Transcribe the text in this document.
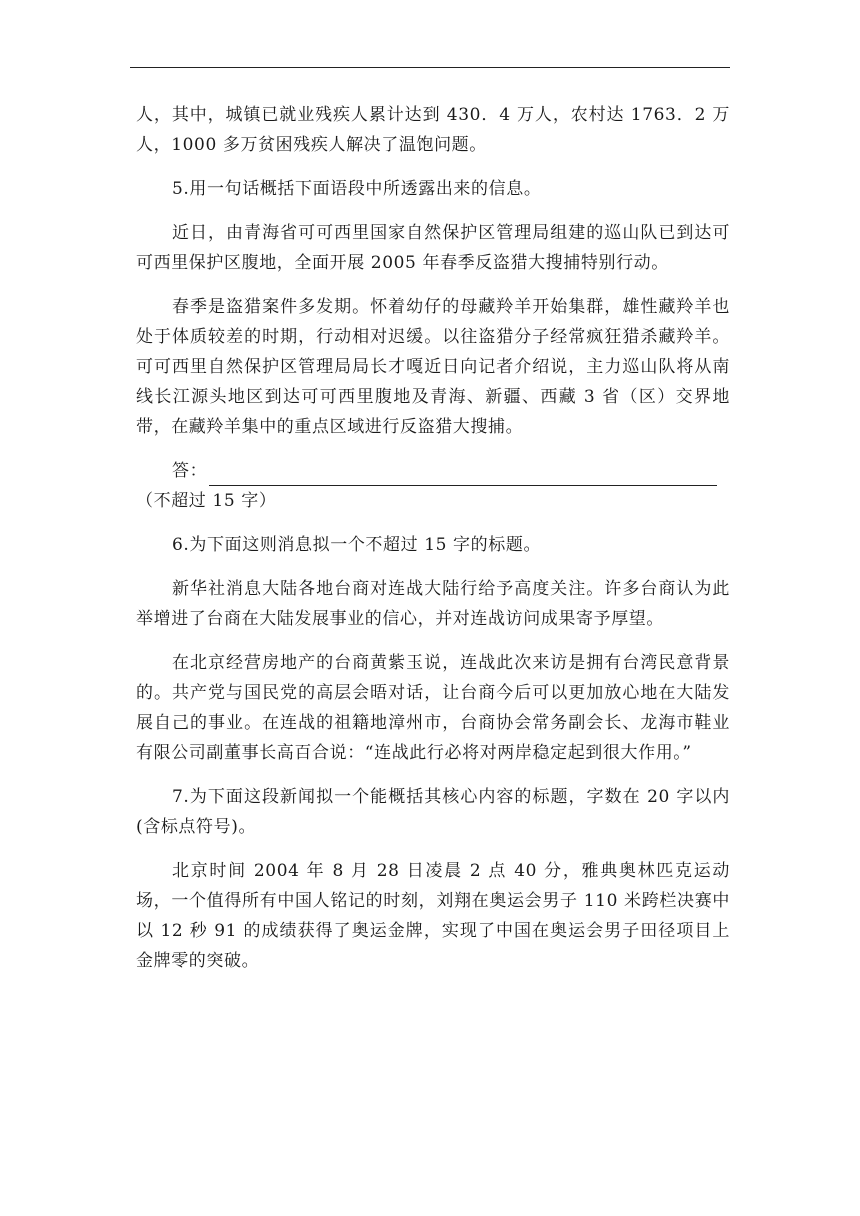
人，其中，城镇已就业残疾人累计达到 430．4 万人，农村达 1763．2 万人，1000 多万贫困残疾人解决了温饱问题。

5.用一句话概括下面语段中所透露出来的信息。

近日，由青海省可可西里国家自然保护区管理局组建的巡山队已到达可可西里保护区腹地，全面开展 2005 年春季反盗猎大搜捕特别行动。

春季是盗猎案件多发期。怀着幼仔的母藏羚羊开始集群，雄性藏羚羊也处于体质较差的时期，行动相对迟缓。以往盗猎分子经常疯狂猎杀藏羚羊。可可西里自然保护区管理局局长才嘎近日向记者介绍说，主力巡山队将从南线长江源头地区到达可可西里腹地及青海、新疆、西藏 3 省（区）交界地带，在藏羚羊集中的重点区域进行反盗猎大搜捕。

答：
（不超过 15 字）

6.为下面这则消息拟一个不超过 15 字的标题。

新华社消息大陆各地台商对连战大陆行给予高度关注。许多台商认为此举增进了台商在大陆发展事业的信心，并对连战访问成果寄予厚望。

在北京经营房地产的台商黄紫玉说，连战此次来访是拥有台湾民意背景的。共产党与国民党的高层会晤对话，让台商今后可以更加放心地在大陆发展自己的事业。在连战的祖籍地漳州市，台商协会常务副会长、龙海市鞋业有限公司副董事长高百合说：“连战此行必将对两岸稳定起到很大作用。”

7.为下面这段新闻拟一个能概括其核心内容的标题，字数在 20 字以内(含标点符号)。

北京时间 2004 年 8 月 28 日凌晨 2 点 40 分，雅典奥林匹克运动场，一个值得所有中国人铭记的时刻，刘翔在奥运会男子 110 米跨栏决赛中以 12 秒 91 的成绩获得了奥运金牌，实现了中国在奥运会男子田径项目上金牌零的突破。
